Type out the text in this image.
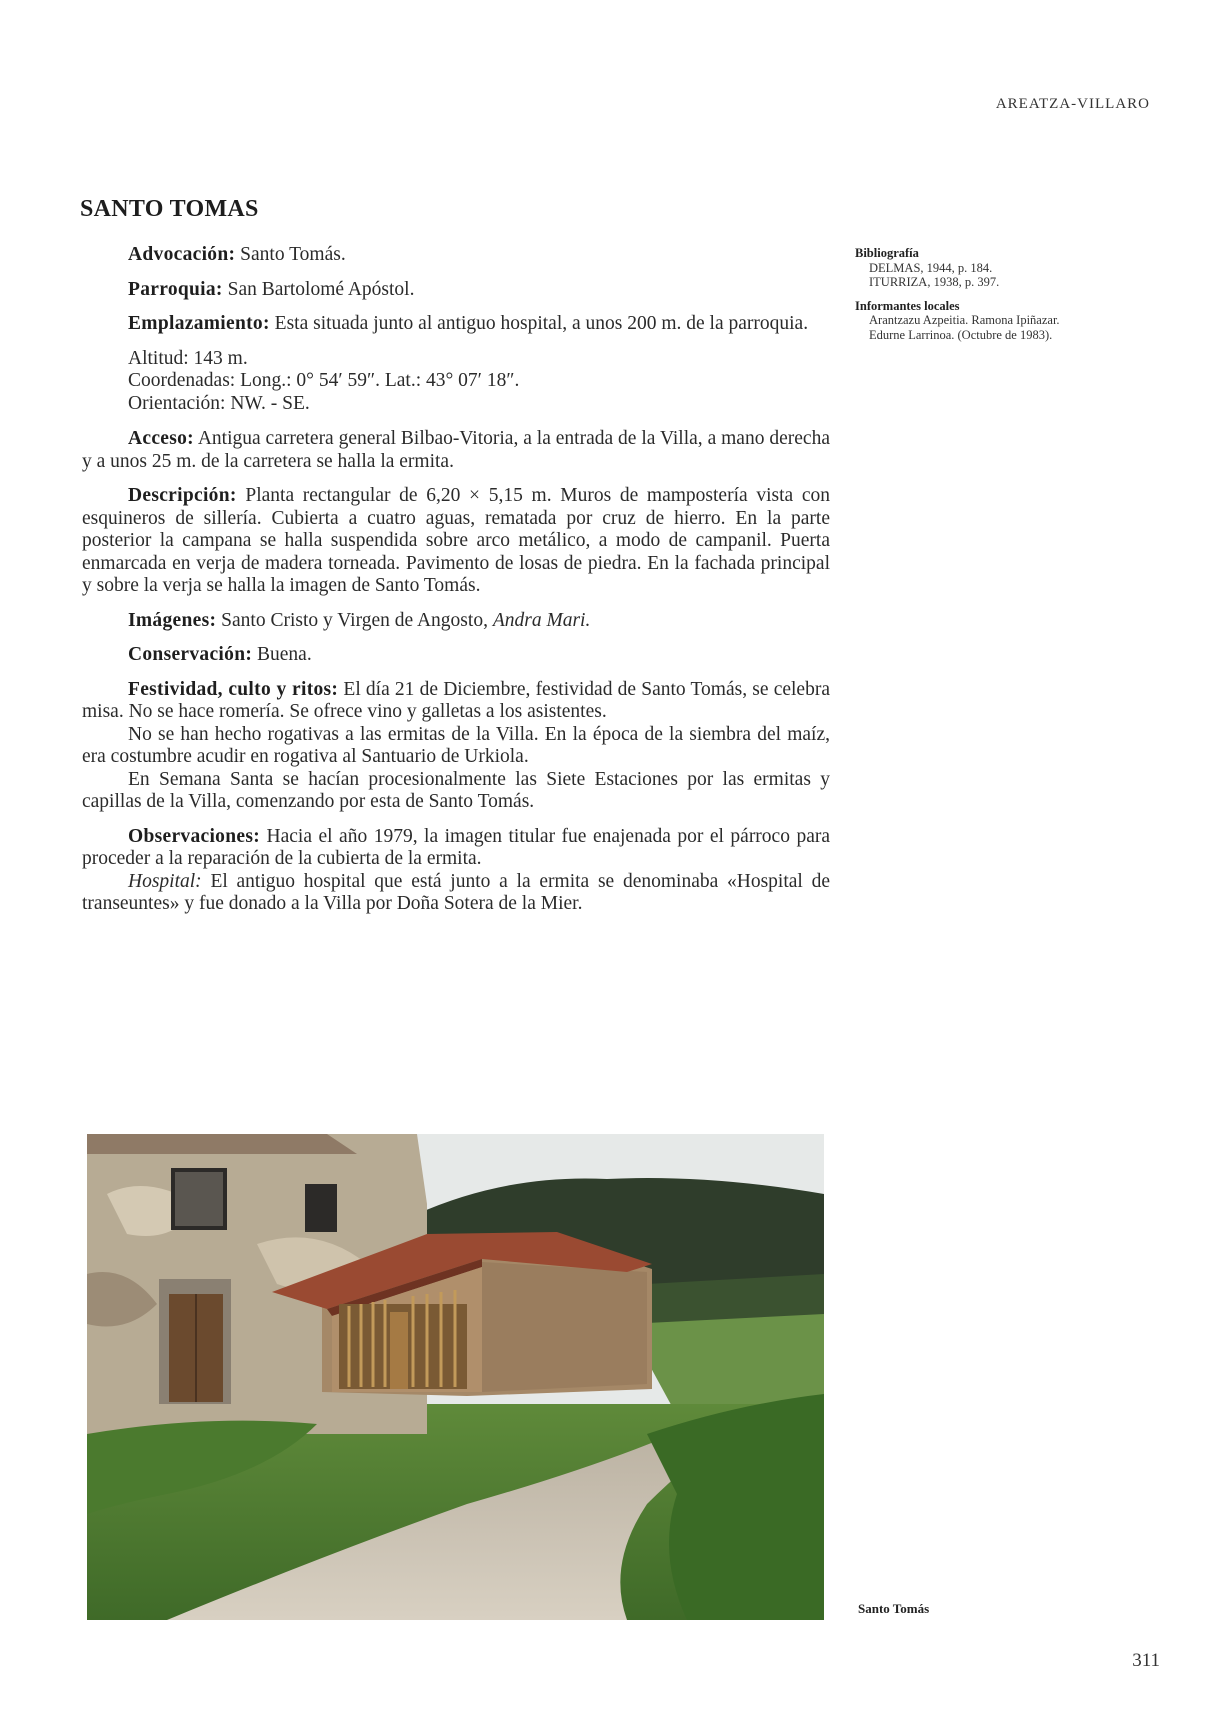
AREATZA-VILLARO
SANTO TOMAS

Advocación: Santo Tomás.

Parroquia: San Bartolomé Apóstol.

Emplazamiento: Esta situada junto al antiguo hospital, a unos 200 m. de la parroquia.

Altitud: 143 m.
Coordenadas: Long.: 0° 54′ 59″. Lat.: 43° 07′ 18″.
Orientación: NW. - SE.

Acceso: Antigua carretera general Bilbao-Vitoria, a la entrada de la Villa, a mano derecha y a unos 25 m. de la carretera se halla la ermita.

Descripción: Planta rectangular de 6,20 × 5,15 m. Muros de mampostería vista con esquineros de sillería. Cubierta a cuatro aguas, rematada por cruz de hierro. En la parte posterior la campana se halla suspendida sobre arco metálico, a modo de campanil. Puerta enmarcada en verja de madera torneada. Pavimento de losas de piedra. En la fachada principal y sobre la verja se halla la imagen de Santo Tomás.

Imágenes: Santo Cristo y Virgen de Angosto, Andra Mari.

Conservación: Buena.

Festividad, culto y ritos: El día 21 de Diciembre, festividad de Santo Tomás, se celebra misa. No se hace romería. Se ofrece vino y galletas a los asistentes.

No se han hecho rogativas a las ermitas de la Villa. En la época de la siembra del maíz, era costumbre acudir en rogativa al Santuario de Urkiola.

En Semana Santa se hacían procesionalmente las Siete Estaciones por las ermitas y capillas de la Villa, comenzando por esta de Santo Tomás.

Observaciones: Hacia el año 1979, la imagen titular fue enajenada por el párroco para proceder a la reparación de la cubierta de la ermita.

Hospital: El antiguo hospital que está junto a la ermita se denominaba «Hospital de transeuntes» y fue donado a la Villa por Doña Sotera de la Mier.

Bibliografía
DELMAS, 1944, p. 184.
ITURRIZA, 1938, p. 397.
Informantes locales
Arantzazu Azpeitia. Ramona Ipiñazar.
Edurne Larrinoa. (Octubre de 1983).
Santo Tomás
311
